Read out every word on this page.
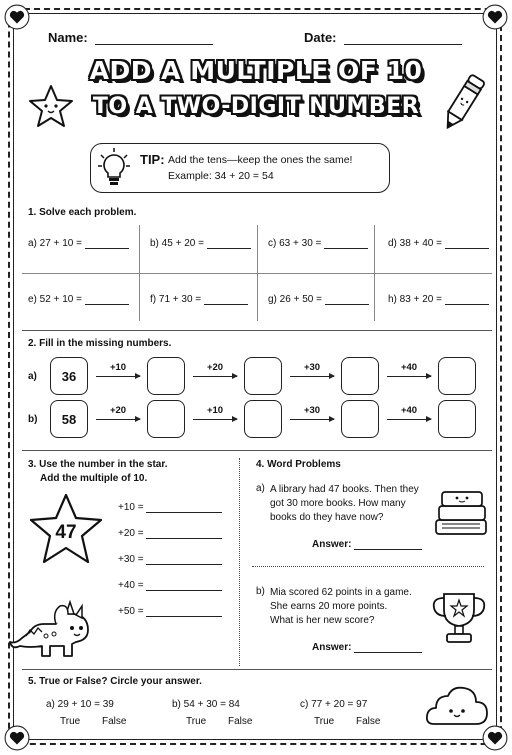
Name:	Date:
ADD A MULTIPLE OF 10
TO A TWO-DIGIT NUMBER
TIP: Add the tens—keep the ones the same!
Example: 34 + 20 = 54
1. Solve each problem.
a) 27 + 10 =	b) 45 + 20 =	c) 63 + 30 =	d) 38 + 40 =
e) 52 + 10 =	f) 71 + 30 =	g) 26 + 50 =	h) 83 + 20 =
2. Fill in the missing numbers.
a)	36
+10	+20	+30	+40
b)	58
+20	+10	+30	+40
3. Use the number in the star.
Add the multiple of 10.
47
+10 =
+20 =
+30 =
+40 =
+50 =
4. Word Problems
a) A library had 47 books. Then they
got 30 more books. How many
books do they have now?
Answer:
b) Mia scored 62 points in a game.
She earns 20 more points.
What is her new score?
Answer:
5. True or False? Circle your answer.
a) 29 + 10 = 39
True False
b) 54 + 30 = 84
True False
c) 77 + 20 = 97
True False
